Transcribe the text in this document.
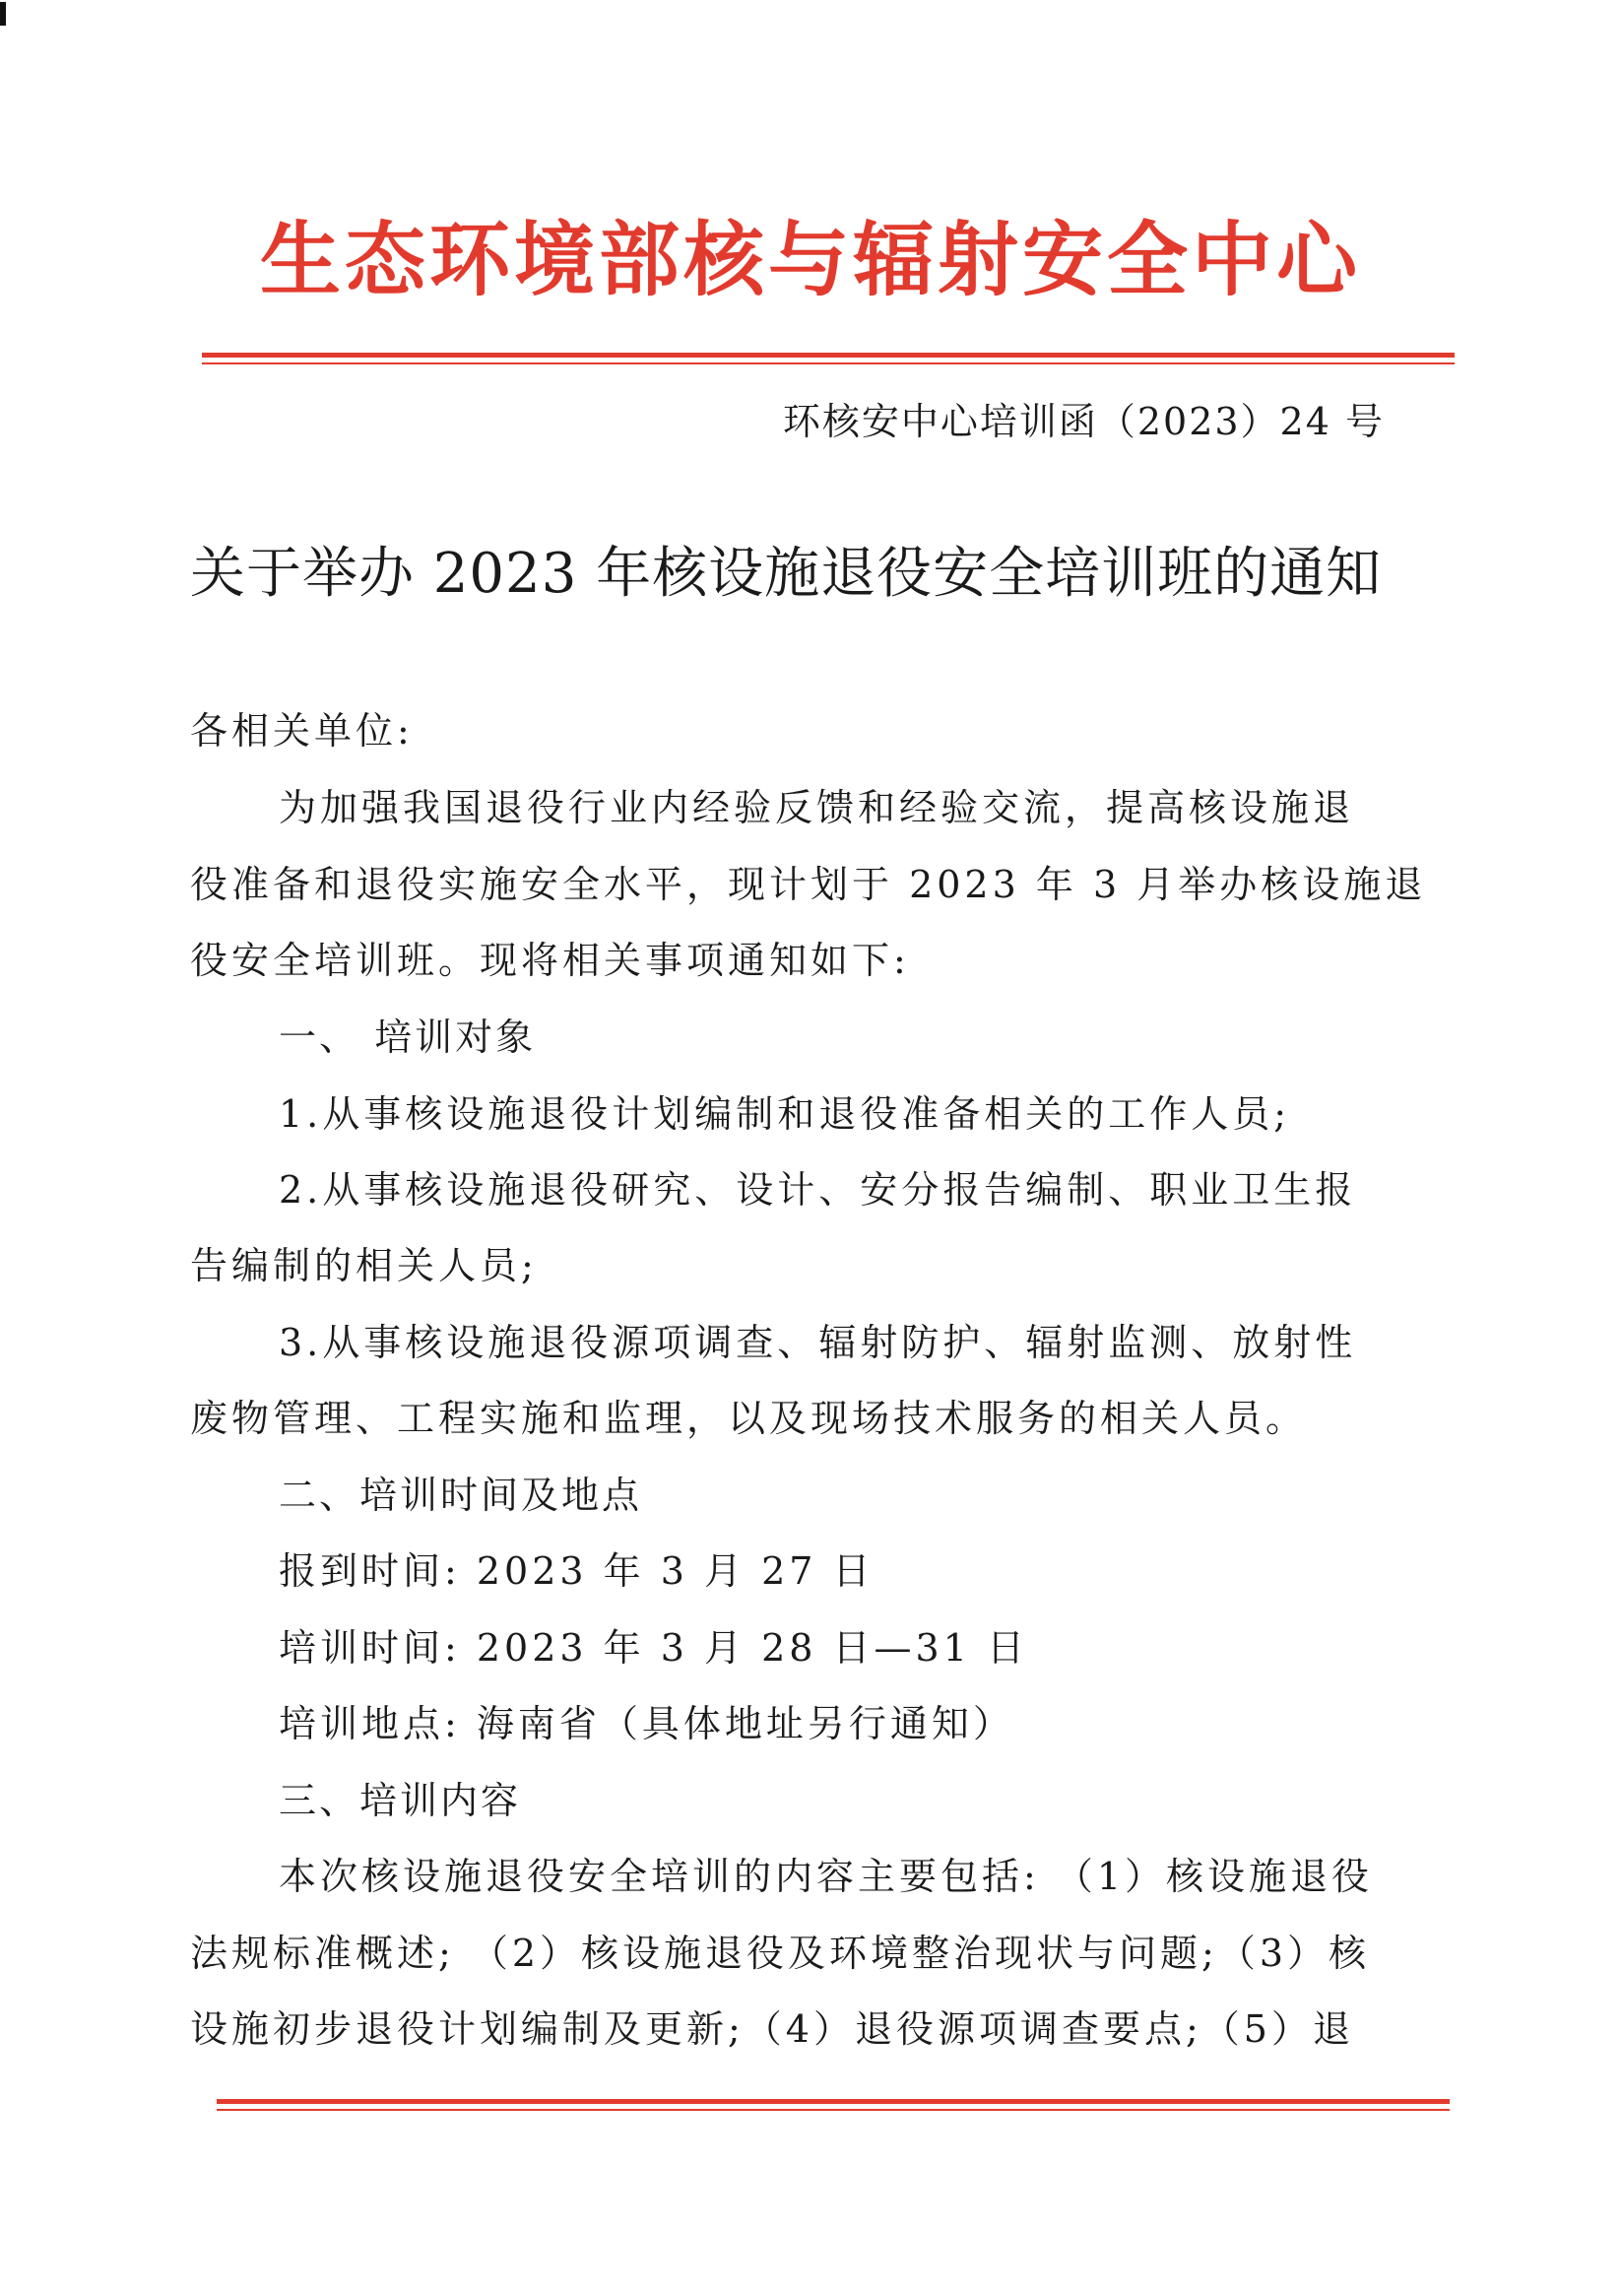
生态环境部核与辐射安全中心
环核安中心培训函（2023）24 号
关于举办 2023 年核设施退役安全培训班的通知
各相关单位:
为加强我国退役行业内经验反馈和经验交流，提高核设施退
役准备和退役实施安全水平，现计划于 2023 年 3 月举办核设施退
役安全培训班。现将相关事项通知如下:
一、 培训对象
1.从事核设施退役计划编制和退役准备相关的工作人员;
2.从事核设施退役研究、设计、安分报告编制、职业卫生报
告编制的相关人员;
3.从事核设施退役源项调查、辐射防护、辐射监测、放射性
废物管理、工程实施和监理，以及现场技术服务的相关人员。
二、培训时间及地点
报到时间: 2023 年 3 月 27 日
培训时间: 2023 年 3 月 28 日—31 日
培训地点: 海南省（具体地址另行通知）
三、培训内容
本次核设施退役安全培训的内容主要包括: （1）核设施退役
法规标准概述; （2）核设施退役及环境整治现状与问题;（3）核
设施初步退役计划编制及更新;（4）退役源项调查要点;（5）退
